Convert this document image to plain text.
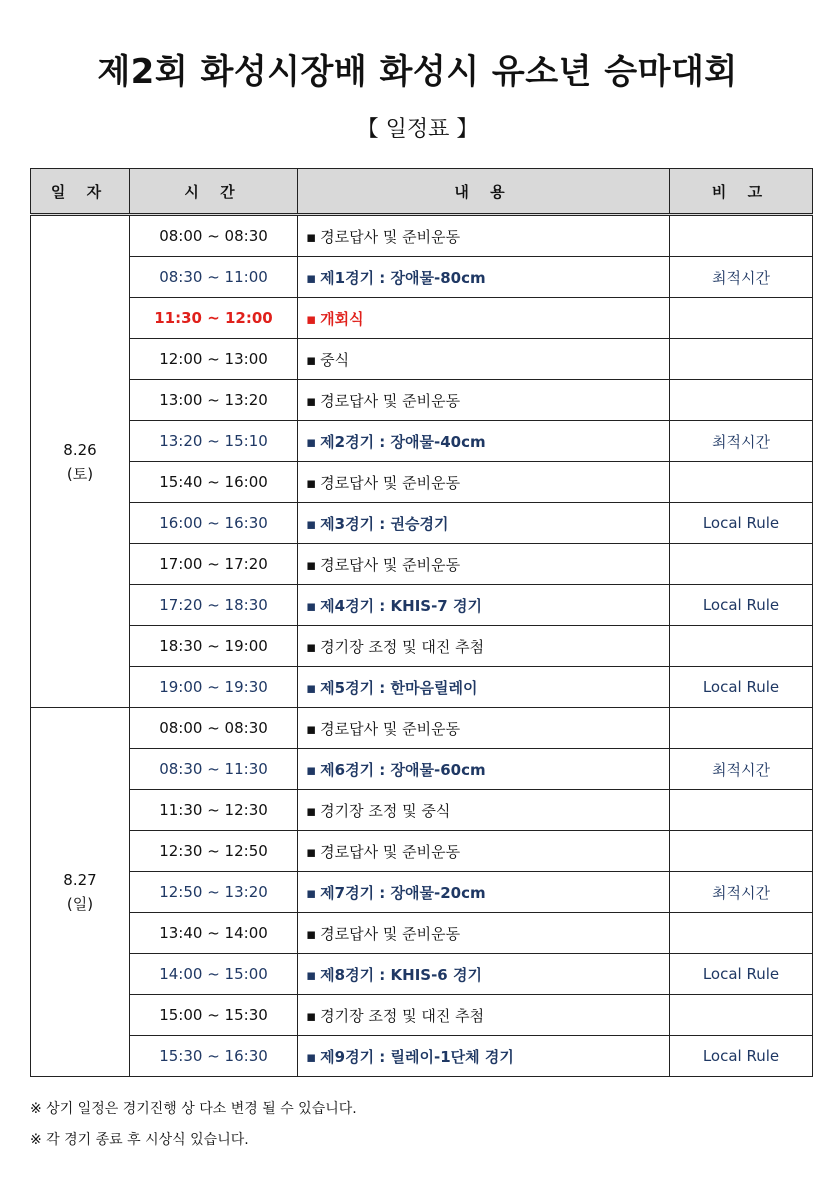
제2회 화성시장배 화성시 유소년 승마대회
【 일정표 】
일 자	시 간	내 용	비 고

8.26
(토)	08:00 ~ 08:30	▪ 경로답사 및 준비운동	
	08:30 ~ 11:00	▪ 제1경기 : 장애물-80cm	최적시간
	11:30 ~ 12:00	▪ 개회식	
	12:00 ~ 13:00	▪ 중식	
	13:00 ~ 13:20	▪ 경로답사 및 준비운동	
	13:20 ~ 15:10	▪ 제2경기 : 장애물-40cm	최적시간
	15:40 ~ 16:00	▪ 경로답사 및 준비운동	
	16:00 ~ 16:30	▪ 제3경기 : 권승경기	Local Rule
	17:00 ~ 17:20	▪ 경로답사 및 준비운동	
	17:20 ~ 18:30	▪ 제4경기 : KHIS-7 경기	Local Rule
	18:30 ~ 19:00	▪ 경기장 조정 및 대진 추첨	
	19:00 ~ 19:30	▪ 제5경기 : 한마음릴레이	Local Rule

8.27
(일)	08:00 ~ 08:30	▪ 경로답사 및 준비운동	
	08:30 ~ 11:30	▪ 제6경기 : 장애물-60cm	최적시간
	11:30 ~ 12:30	▪ 경기장 조정 및 중식	
	12:30 ~ 12:50	▪ 경로답사 및 준비운동	
	12:50 ~ 13:20	▪ 제7경기 : 장애물-20cm	최적시간
	13:40 ~ 14:00	▪ 경로답사 및 준비운동	
	14:00 ~ 15:00	▪ 제8경기 : KHIS-6 경기	Local Rule
	15:00 ~ 15:30	▪ 경기장 조정 및 대진 추첨	
	15:30 ~ 16:30	▪ 제9경기 : 릴레이-1단체 경기	Local Rule
※ 상기 일정은 경기진행 상 다소 변경 될 수 있습니다.
※ 각 경기 종료 후 시상식 있습니다.
